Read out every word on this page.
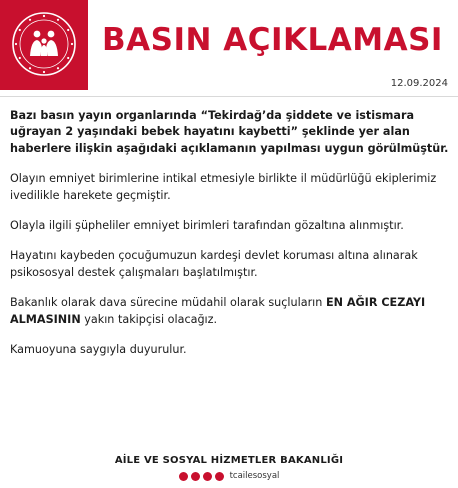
BASIN AÇIKLAMASI
12.09.2024

Bazı basın yayın organlarında “Tekirdağ’da şiddete ve istismara uğrayan 2 yaşındaki bebek hayatını kaybetti” şeklinde yer alan haberlere ilişkin aşağıdaki açıklamanın yapılması uygun görülmüştür.

Olayın emniyet birimlerine intikal etmesiyle birlikte il müdürlüğü ekiplerimiz ivedilikle harekete geçmiştir.

Olayla ilgili şüpheliler emniyet birimleri tarafından gözaltına alınmıştır.

Hayatını kaybeden çocuğumuzun kardeşi devlet koruması altına alınarak psikososyal destek çalışmaları başlatılmıştır.

Bakanlık olarak dava sürecine müdahil olarak suçluların EN AĞIR CEZAYI ALMASININ yakın takipçisi olacağız.

Kamuoyuna saygıyla duyurulur.

AİLE VE SOSYAL HİZMETLER BAKANLIĞI
tcailesosyal
